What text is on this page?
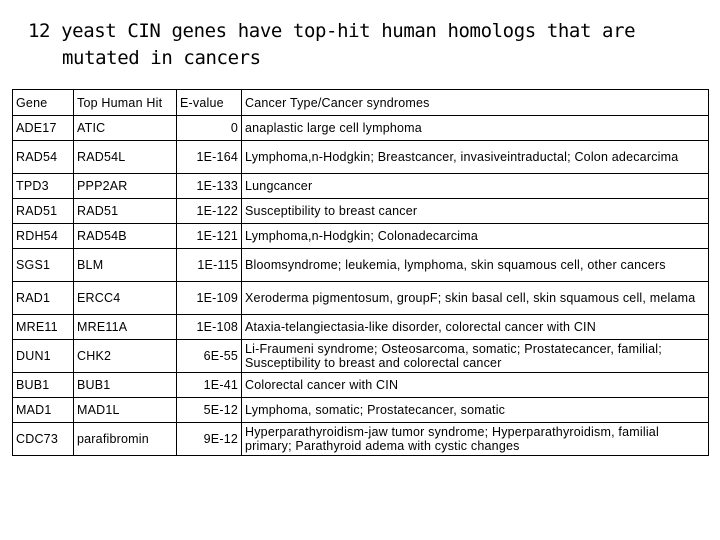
12 yeast CIN genes have top-hit human homologs that are
mutated in cancers
Gene	Top Human Hit	E-value	Cancer Type/Cancer syndromes
ADE17	ATIC	0	anaplastic large cell lymphoma
RAD54	RAD54L	1E-164	Lymphoma,n-Hodgkin; Breastcancer, invasiveintraductal; Colon adecarcima
TPD3	PPP2AR	1E-133	Lungcancer
RAD51	RAD51	1E-122	Susceptibility to breast cancer
RDH54	RAD54B	1E-121	Lymphoma,n-Hodgkin; Colonadecarcima
SGS1	BLM	1E-115	Bloomsyndrome; leukemia, lymphoma, skin squamous cell, other cancers
RAD1	ERCC4	1E-109	Xeroderma pigmentosum, groupF; skin basal cell, skin squamous cell, melama
MRE11	MRE11A	1E-108	Ataxia-telangiectasia-like disorder, colorectal cancer with CIN
DUN1	CHK2	6E-55	Li-Fraumeni syndrome; Osteosarcoma, somatic; Prostatecancer, familial; Susceptibility to breast and colorectal cancer
BUB1	BUB1	1E-41	Colorectal cancer with CIN
MAD1	MAD1L	5E-12	Lymphoma, somatic; Prostatecancer, somatic
CDC73	parafibromin	9E-12	Hyperparathyroidism-jaw tumor syndrome; Hyperparathyroidism, familial primary; Parathyroid adema with cystic changes
